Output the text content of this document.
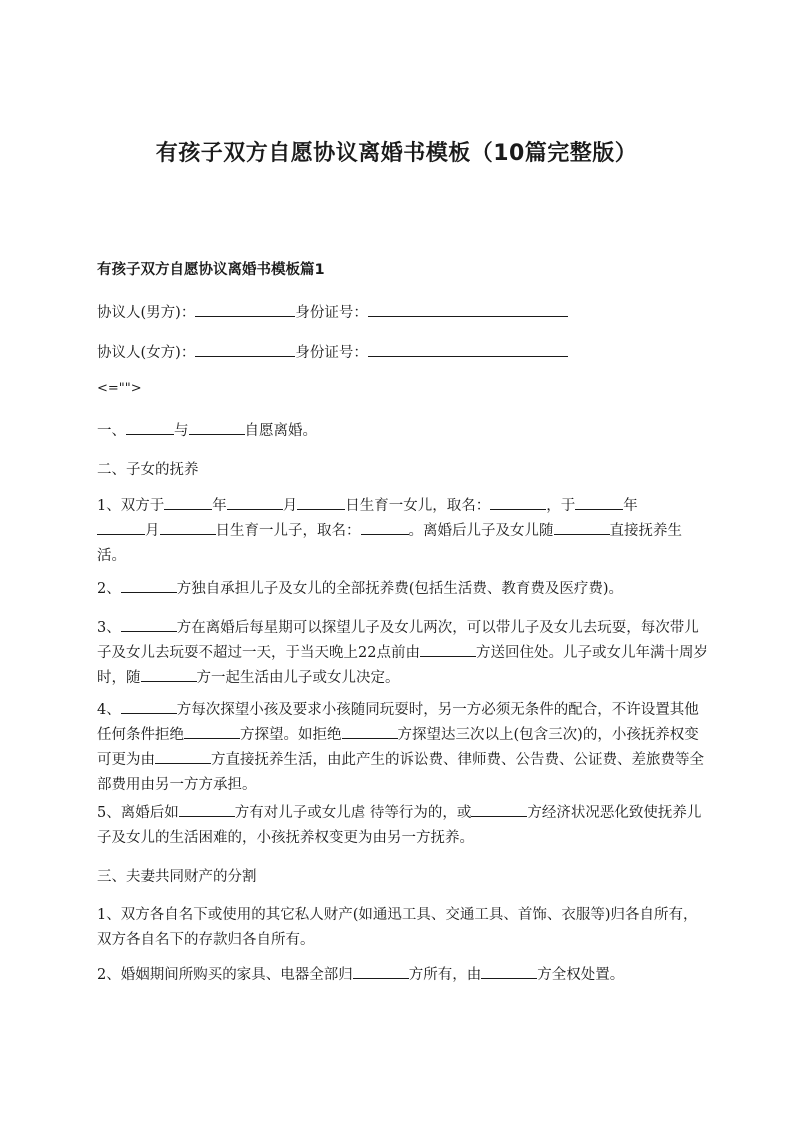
有孩子双方自愿协议离婚书模板（10篇完整版）
有孩子双方自愿协议离婚书模板篇1
协议人(男方)：	身份证号：
协议人(女方)：	身份证号：
<="">
一、	与	自愿离婚。
二、子女的抚养
1、双方于	年	月	日生育一女儿，取名：	，于	年
月	日生育一儿子，取名：	。离婚后儿子及女儿随	直接抚养生活。
2、	方独自承担儿子及女儿的全部抚养费(包括生活费、教育费及医疗费)。
3、	方在离婚后每星期可以探望儿子及女儿两次，可以带儿子及女儿去玩耍，每次带儿子及女儿去玩耍不超过一天，于当天晚上22点前由	方送回住处。儿子或女儿年满十周岁时，随	方一起生活由儿子或女儿决定。
4、	方每次探望小孩及要求小孩随同玩耍时，另一方必须无条件的配合，不许设置其他任何条件拒绝	方探望。如拒绝	方探望达三次以上(包含三次)的，小孩抚养权变可更为由	方直接抚养生活，由此产生的诉讼费、律师费、公告费、公证费、差旅费等全部费用由另一方方承担。
5、离婚后如	方有对儿子或女儿虐 待等行为的，或	方经济状况恶化致使抚养儿子及女儿的生活困难的，小孩抚养权变更为由另一方抚养。
三、夫妻共同财产的分割
1、双方各自名下或使用的其它私人财产(如通迅工具、交通工具、首饰、衣服等)归各自所有，双方各自名下的存款归各自所有。
2、婚姻期间所购买的家具、电器全部归	方所有，由	方全权处置。
